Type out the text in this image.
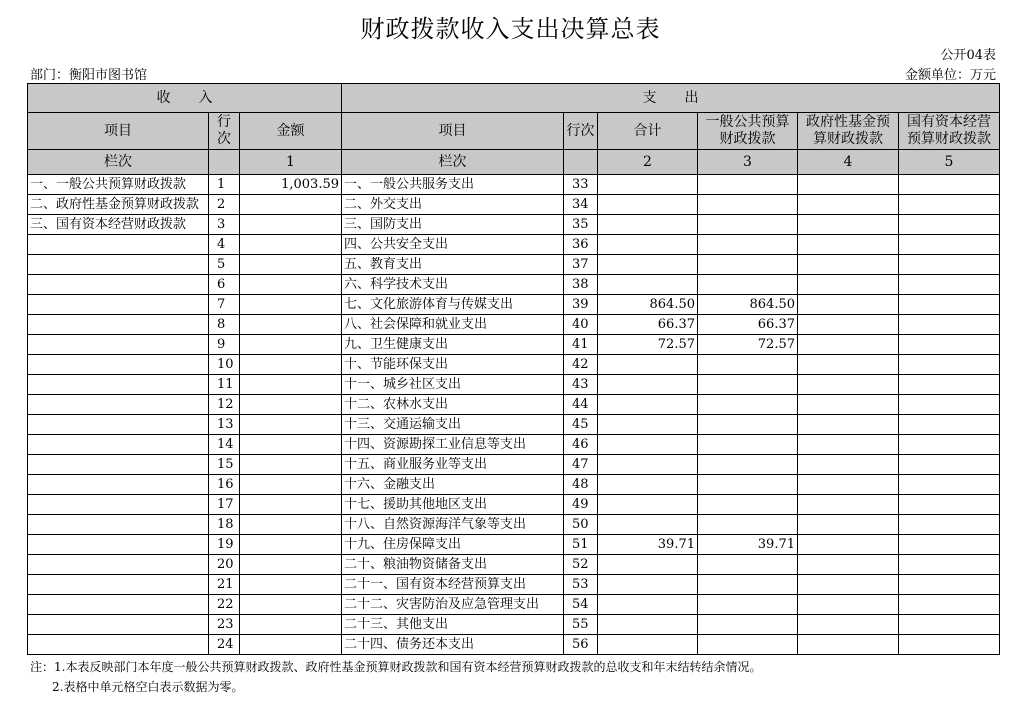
财政拨款收入支出决算总表
公开04表
部门：衡阳市图书馆	金额单位：万元
收　　入			支　　出					
项目	行次	金额	项目	行次	合计	一般公共预算财政拨款	政府性基金预算财政拨款	国有资本经营预算财政拨款
栏次		1	栏次		2	3	4	5
一、一般公共预算财政拨款	1	1,003.59	一、一般公共服务支出	33				
二、政府性基金预算财政拨款	2		二、外交支出	34				
三、国有资本经营财政拨款	3		三、国防支出	35				
	4		四、公共安全支出	36				
	5		五、教育支出	37				
	6		六、科学技术支出	38				
	7		七、文化旅游体育与传媒支出	39	864.50	864.50		
	8		八、社会保障和就业支出	40	66.37	66.37		
	9		九、卫生健康支出	41	72.57	72.57		
	10		十、节能环保支出	42				
	11		十一、城乡社区支出	43				
	12		十二、农林水支出	44				
	13		十三、交通运输支出	45				
	14		十四、资源勘探工业信息等支出	46				
	15		十五、商业服务业等支出	47				
	16		十六、金融支出	48				
	17		十七、援助其他地区支出	49				
	18		十八、自然资源海洋气象等支出	50				
	19		十九、住房保障支出	51	39.71	39.71		
	20		二十、粮油物资储备支出	52				
	21		二十一、国有资本经营预算支出	53				
	22		二十二、灾害防治及应急管理支出	54				
	23		二十三、其他支出	55				
	24		二十四、债务还本支出	56				
注：1.本表反映部门本年度一般公共预算财政拨款、政府性基金预算财政拨款和国有资本经营预算财政拨款的总收支和年末结转结余情况。
2.表格中单元格空白表示数据为零。
